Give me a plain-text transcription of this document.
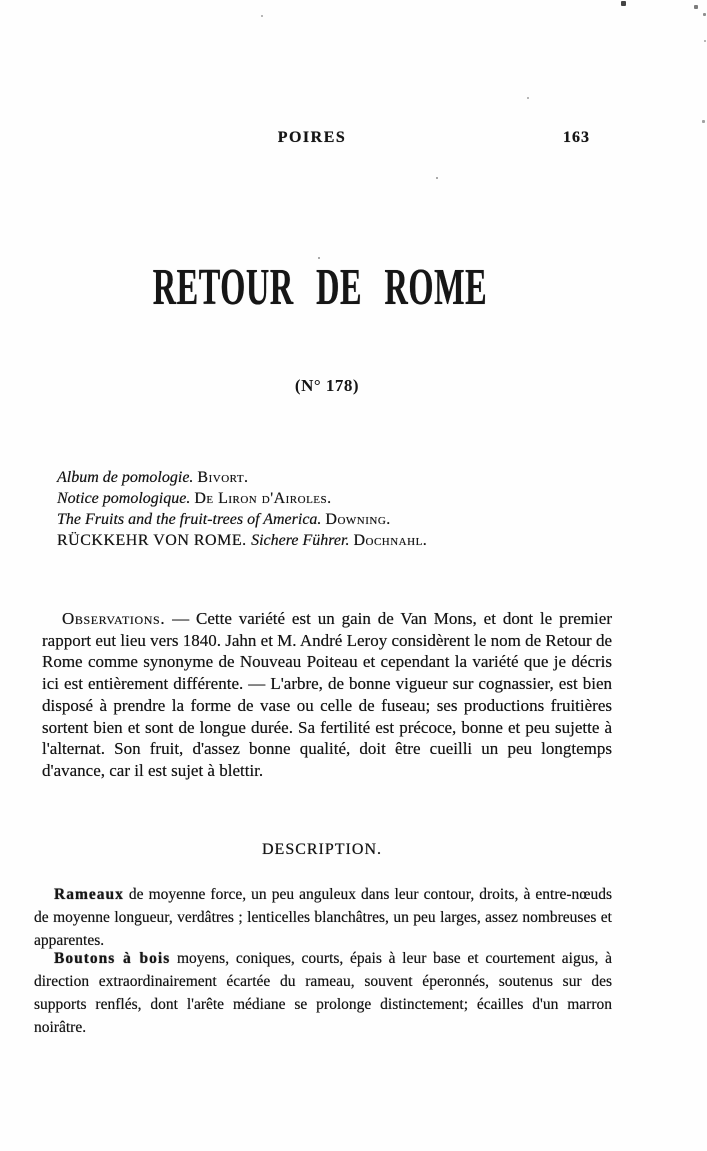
POIRES	163
RETOUR DE ROME
(N° 178)
Album de pomologie. Bivort.
Notice pomologique. De Liron d'Airoles.
The Fruits and the fruit-trees of America. Downing.
RÜCKKEHR VON ROME. Sichere Führer. Dochnahl.

Observations. — Cette variété est un gain de Van Mons, et dont le premier rapport eut lieu vers 1840. Jahn et M. André Leroy considèrent le nom de Retour de Rome comme synonyme de Nouveau Poiteau et cependant la variété que je décris ici est entièrement différente. — L'arbre, de bonne vigueur sur cognassier, est bien disposé à prendre la forme de vase ou celle de fuseau; ses productions fruitières sortent bien et sont de longue durée. Sa fertilité est précoce, bonne et peu sujette à l'alternat. Son fruit, d'assez bonne qualité, doit être cueilli un peu longtemps d'avance, car il est sujet à blettir.

DESCRIPTION.

Rameaux de moyenne force, un peu anguleux dans leur contour, droits, à entre-nœuds de moyenne longueur, verdâtres ; lenticelles blanchâtres, un peu larges, assez nombreuses et apparentes.

Boutons à bois moyens, coniques, courts, épais à leur base et courtement aigus, à direction extraordinairement écartée du rameau, souvent éperonnés, soutenus sur des supports renflés, dont l'arête médiane se prolonge distinctement; écailles d'un marron noirâtre.
